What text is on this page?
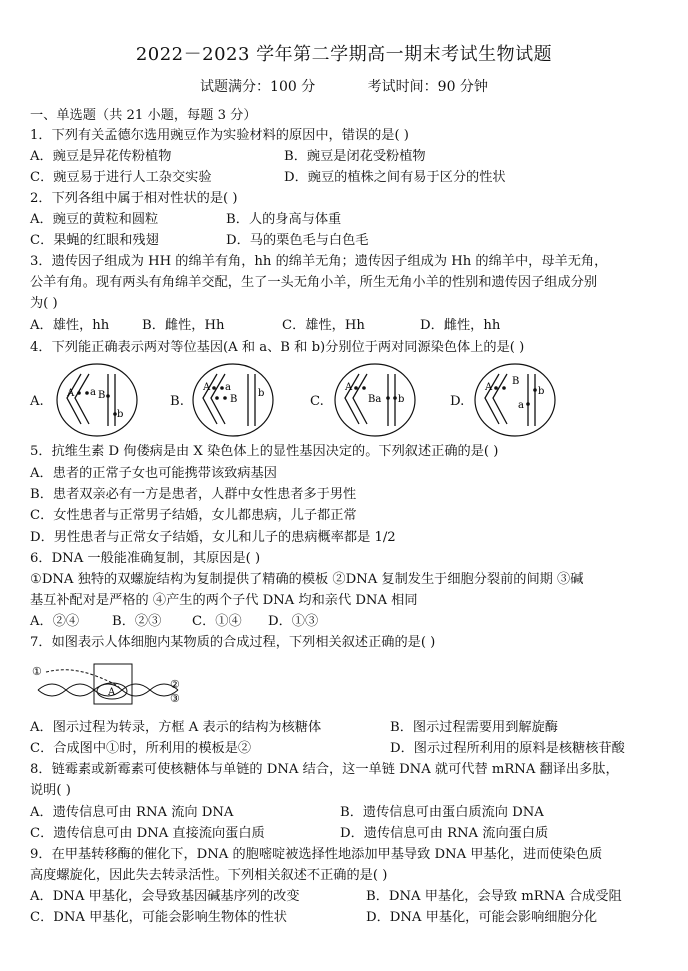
2022－2023 学年第二学期高一期末考试生物试题
试题满分：100 分	考试时间：90 分钟
一、单选题（共 21 小题，每题 3 分）
1．下列有关孟德尔选用豌豆作为实验材料的原因中，错误的是( )
A．豌豆是异花传粉植物	B．豌豆是闭花受粉植物
C．豌豆易于进行人工杂交实验	D．豌豆的植株之间有易于区分的性状
2．下列各组中属于相对性状的是( )
A．豌豆的黄粒和圆粒	B．人的身高与体重
C．果蝇的红眼和残翅	D．马的栗色毛与白色毛
3．遗传因子组成为 HH 的绵羊有角，hh 的绵羊无角；遗传因子组成为 Hh 的绵羊中，母羊无角，
公羊有角。现有两头有角绵羊交配，生了一头无角小羊，所生无角小羊的性别和遗传因子组成分别
为( )
A．雄性，hh B．雌性，Hh	C．雄性，Hh	D．雌性，hh
4．下列能正确表示两对等位基因(A 和 a、B 和 b)分别位于两对同源染色体上的是( )
A.
A a B
b
B.
A a
B
b
C.
A
Ba b	D.
A
a
B
b
5．抗维生素 D 佝偻病是由 X 染色体上的显性基因决定的。下列叙述正确的是( )
A．患者的正常子女也可能携带该致病基因
B．患者双亲必有一方是患者，人群中女性患者多于男性
C．女性患者与正常男子结婚，女儿都患病，儿子都正常
D．男性患者与正常女子结婚，女儿和儿子的患病概率都是 1/2
6．DNA 一般能准确复制，其原因是( )
①DNA 独特的双螺旋结构为复制提供了精确的模板 ②DNA 复制发生于细胞分裂前的间期 ③碱
基互补配对是严格的 ④产生的两个子代 DNA 均和亲代 DNA 相同
A．②④ B．②③ C．①④ D．①③
7．如图表示人体细胞内某物质的合成过程，下列相关叙述正确的是( )
①
A
②
③
A．图示过程为转录，方框 A 表示的结构为核糖体	B．图示过程需要用到解旋酶
C．合成图中①时，所利用的模板是②	D．图示过程所利用的原料是核糖核苷酸
8．链霉素或新霉素可使核糖体与单链的 DNA 结合，这一单链 DNA 就可代替 mRNA 翻译出多肽，
说明( )
A．遗传信息可由 RNA 流向 DNA	B．遗传信息可由蛋白质流向 DNA
C．遗传信息可由 DNA 直接流向蛋白质	D．遗传信息可由 RNA 流向蛋白质
9．在甲基转移酶的催化下，DNA 的胞嘧啶被选择性地添加甲基导致 DNA 甲基化，进而使染色质
高度螺旋化，因此失去转录活性。下列相关叙述不正确的是( )
A．DNA 甲基化，会导致基因碱基序列的改变	B．DNA 甲基化，会导致 mRNA 合成受阻
C．DNA 甲基化，可能会影响生物体的性状	D．DNA 甲基化，可能会影响细胞分化
